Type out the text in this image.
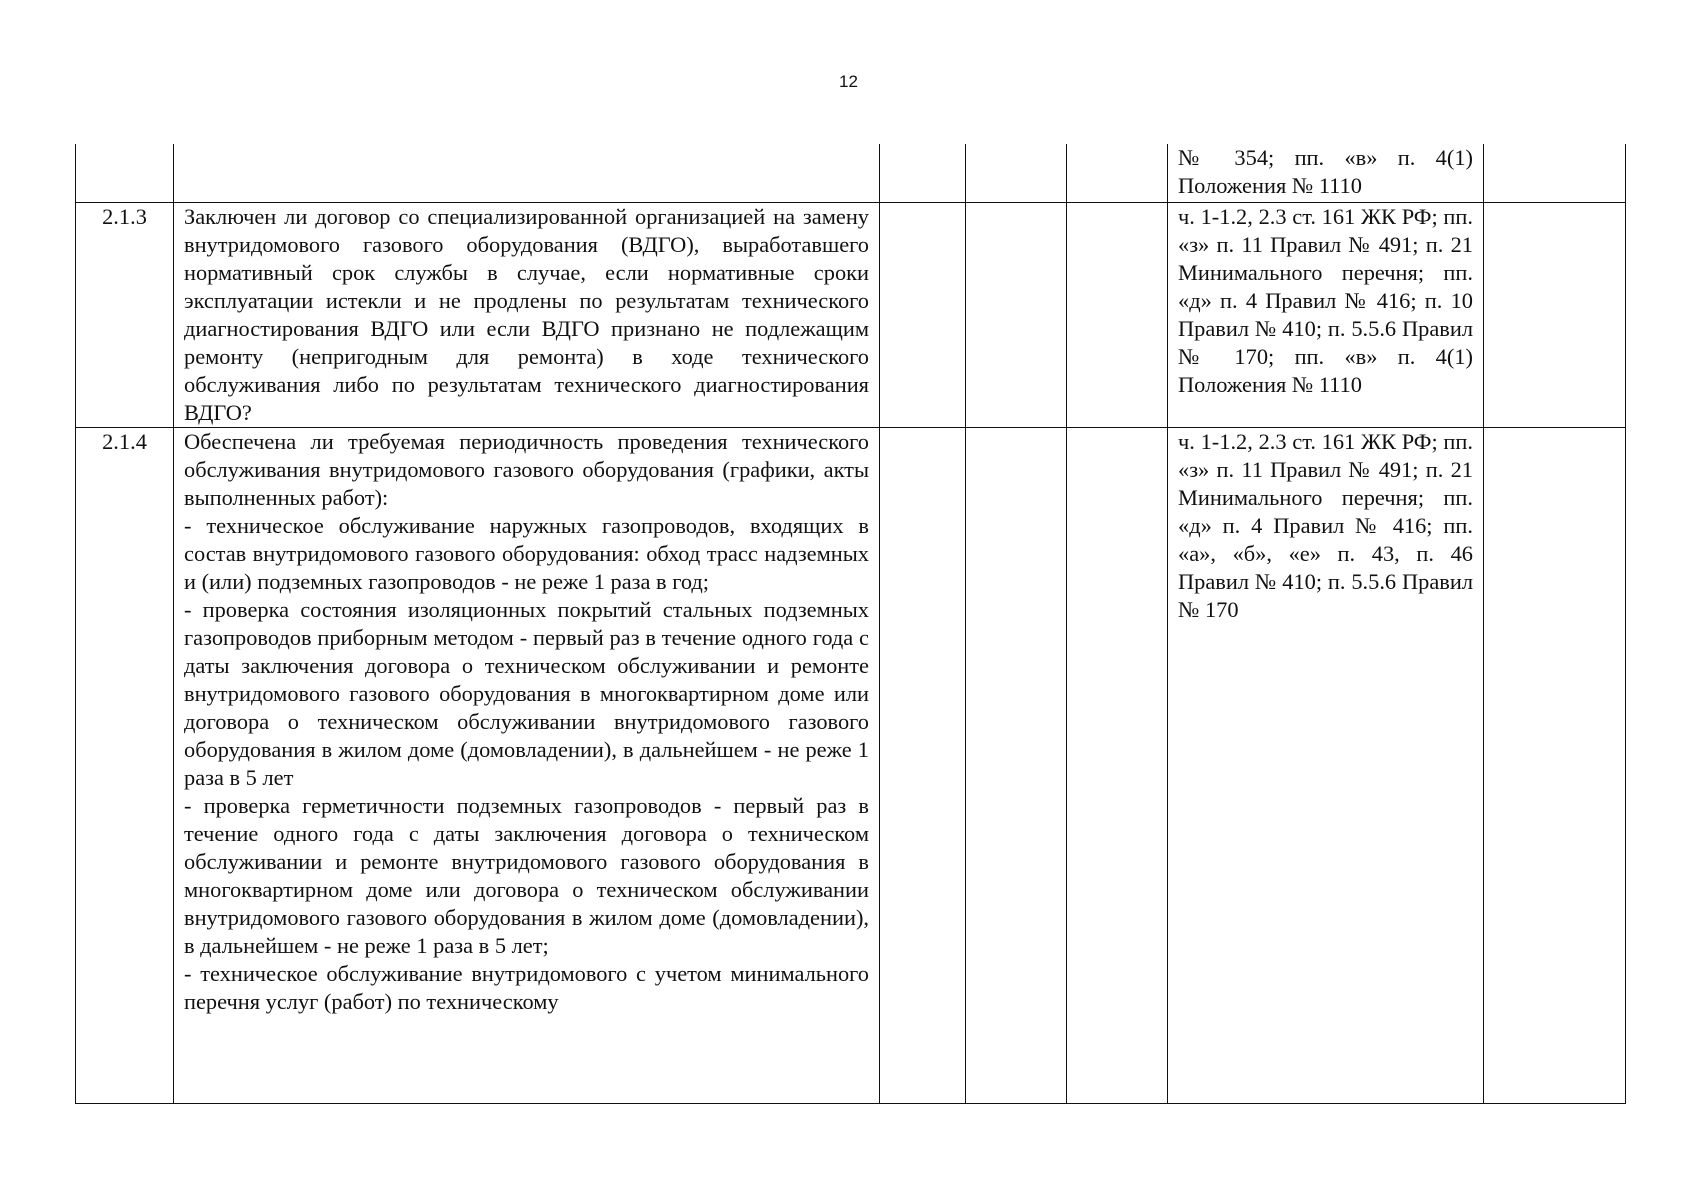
12
					№ 354; пп. «в» п. 4(1) Положения № 1110	
2.1.3	Заключен ли договор со специализированной организацией на замену внутридомового газового оборудования (ВДГО), выработавшего нормативный срок службы в случае, если нормативные сроки эксплуатации истекли и не продлены по результатам технического диагностирования ВДГО или если ВДГО признано не подлежащим ремонту (непригодным для ремонта) в ходе технического обслуживания либо по результатам технического диагностирования ВДГО?				ч. 1-1.2, 2.3 ст. 161 ЖК РФ; пп. «з» п. 11 Правил № 491; п. 21 Минимального перечня; пп. «д» п. 4 Правил № 416; п. 10 Правил № 410; п. 5.5.6 Правил № 170; пп. «в» п. 4(1) Положения № 1110	
2.1.4	Обеспечена ли требуемая периодичность проведения технического обслуживания внутридомового газового оборудования (графики, акты выполненных работ):
- техническое обслуживание наружных газопроводов, входящих в состав внутридомового газового оборудования: обход трасс надземных и (или) подземных газопроводов - не реже 1 раза в год;
- проверка состояния изоляционных покрытий стальных подземных газопроводов приборным методом - первый раз в течение одного года с даты заключения договора о техническом обслуживании и ремонте внутридомового газового оборудования в многоквартирном доме или договора о техническом обслуживании внутридомового газового оборудования в жилом доме (домовладении), в дальнейшем - не реже 1 раза в 5 лет
- проверка герметичности подземных газопроводов - первый раз в течение одного года с даты заключения договора о техническом обслуживании и ремонте внутридомового газового оборудования в многоквартирном доме или договора о техническом обслуживании внутридомового газового оборудования в жилом доме (домовладении), в дальнейшем - не реже 1 раза в 5 лет;
- техническое обслуживание внутридомового с учетом минимального перечня услуг (работ) по техническому				ч. 1-1.2, 2.3 ст. 161 ЖК РФ; пп. «з» п. 11 Правил № 491; п. 21 Минимального перечня; пп. «д» п. 4 Правил № 416; пп. «а», «б», «е» п. 43, п. 46 Правил № 410; п. 5.5.6 Правил № 170	
